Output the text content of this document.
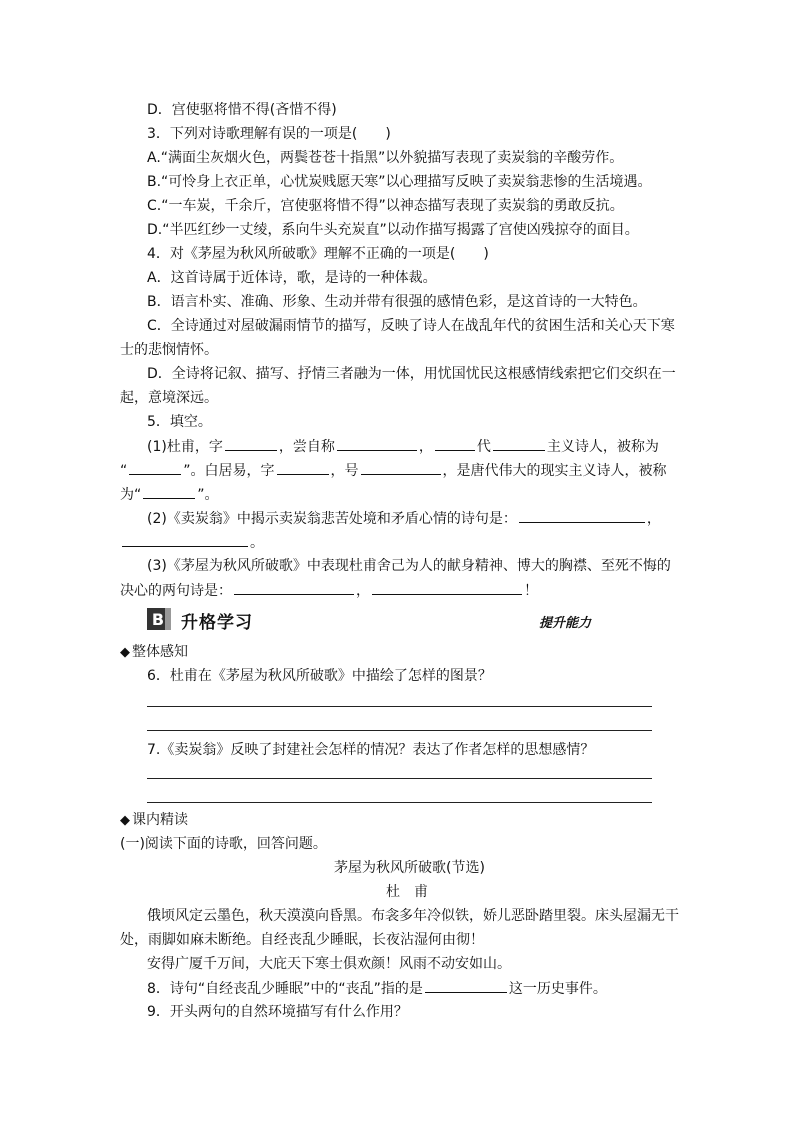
D．宫使驱将惜不得(吝惜不得)
3．下列对诗歌理解有误的一项是(　　)
A.“满面尘灰烟火色，两鬓苍苍十指黑”以外貌描写表现了卖炭翁的辛酸劳作。
B.“可怜身上衣正单，心忧炭贱愿天寒”以心理描写反映了卖炭翁悲惨的生活境遇。
C.“一车炭，千余斤，宫使驱将惜不得”以神态描写表现了卖炭翁的勇敢反抗。
D.“半匹红纱一丈绫，系向牛头充炭直”以动作描写揭露了宫使凶残掠夺的面目。
4．对《茅屋为秋风所破歌》理解不正确的一项是(　　)
A．这首诗属于近体诗，歌，是诗的一种体裁。
B．语言朴实、准确、形象、生动并带有很强的感情色彩，是这首诗的一大特色。
C．全诗通过对屋破漏雨情节的描写，反映了诗人在战乱年代的贫困生活和关心天下寒
士的悲悯情怀。
D．全诗将记叙、描写、抒情三者融为一体，用忧国忧民这根感情线索把它们交织在一
起，意境深远。
5．填空。
(1)杜甫，字	，尝自称	，	代	主义诗人，被称为
“	”。白居易，字	，号	，是唐代伟大的现实主义诗人，被称
为“	”。
(2)《卖炭翁》中揭示卖炭翁悲苦处境和矛盾心情的诗句是：	，
。
(3)《茅屋为秋风所破歌》中表现杜甫舍己为人的献身精神、博大的胸襟、至死不悔的
决心的两句诗是：	，	！
B 升格学习	提升能力
◆ 整体感知
6．杜甫在《茅屋为秋风所破歌》中描绘了怎样的图景？
7.《卖炭翁》反映了封建社会怎样的情况？表达了作者怎样的思想感情？
◆ 课内精读
(一)阅读下面的诗歌，回答问题。
茅屋为秋风所破歌(节选)
杜　甫
俄顷风定云墨色，秋天漠漠向昏黑。布衾多年冷似铁，娇儿恶卧踏里裂。床头屋漏无干
处，雨脚如麻未断绝。自经丧乱少睡眠，长夜沾湿何由彻！
安得广厦千万间，大庇天下寒士俱欢颜！风雨不动安如山。
8．诗句“自经丧乱少睡眠”中的“丧乱”指的是	这一历史事件。
9．开头两句的自然环境描写有什么作用？
